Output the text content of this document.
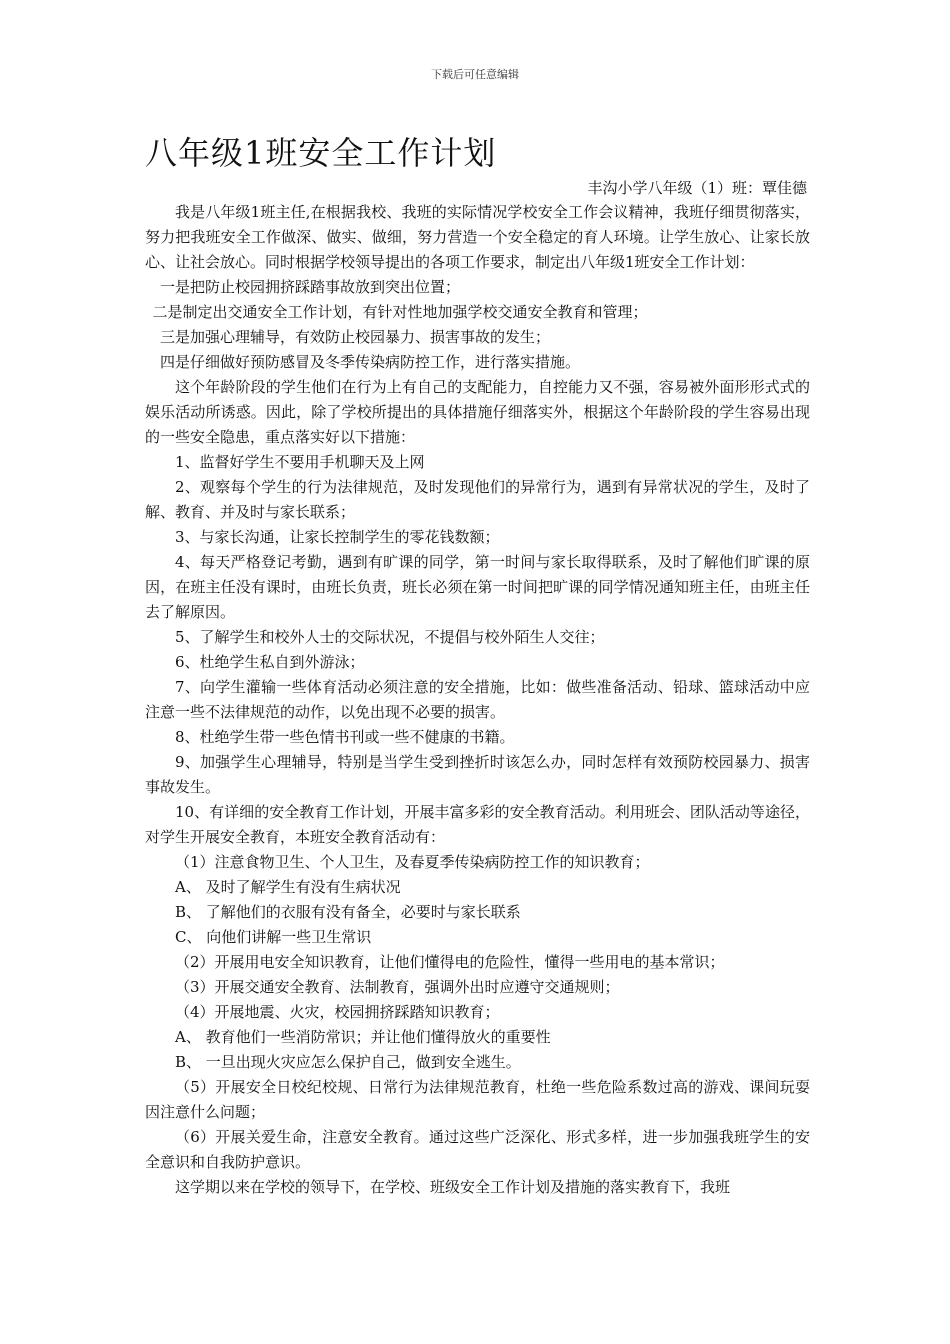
下载后可任意编辑
八年级1班安全工作计划
丰沟小学八年级（1）班：覃佳德

我是八年级1班主任,在根据我校、我班的实际情况学校安全工作会议精神，我班仔细贯彻落实，努力把我班安全工作做深、做实、做细，努力营造一个安全稳定的育人环境。让学生放心、让家长放心、让社会放心。同时根据学校领导提出的各项工作要求，制定出八年级1班安全工作计划：

一是把防止校园拥挤踩踏事故放到突出位置；

二是制定出交通安全工作计划，有针对性地加强学校交通安全教育和管理；

三是加强心理辅导，有效防止校园暴力、损害事故的发生；

四是仔细做好预防感冒及冬季传染病防控工作，进行落实措施。

这个年龄阶段的学生他们在行为上有自己的支配能力，自控能力又不强，容易被外面形形式式的娱乐活动所诱惑。因此，除了学校所提出的具体措施仔细落实外，根据这个年龄阶段的学生容易出现的一些安全隐患，重点落实好以下措施：

1、监督好学生不要用手机聊天及上网

2、观察每个学生的行为法律规范，及时发现他们的异常行为，遇到有异常状况的学生，及时了解、教育、并及时与家长联系；

3、与家长沟通，让家长控制学生的零花钱数额；

4、每天严格登记考勤，遇到有旷课的同学，第一时间与家长取得联系，及时了解他们旷课的原因，在班主任没有课时，由班长负责，班长必须在第一时间把旷课的同学情况通知班主任，由班主任去了解原因。

5、了解学生和校外人士的交际状况，不提倡与校外陌生人交往；

6、杜绝学生私自到外游泳；

7、向学生灌输一些体育活动必须注意的安全措施，比如：做些准备活动、铅球、篮球活动中应注意一些不法律规范的动作，以免出现不必要的损害。

8、杜绝学生带一些色情书刊或一些不健康的书籍。

9、加强学生心理辅导，特别是当学生受到挫折时该怎么办，同时怎样有效预防校园暴力、损害事故发生。

10、有详细的安全教育工作计划，开展丰富多彩的安全教育活动。利用班会、团队活动等途径，对学生开展安全教育，本班安全教育活动有：

（1）注意食物卫生、个人卫生，及春夏季传染病防控工作的知识教育；

A、 及时了解学生有没有生病状况

B、 了解他们的衣服有没有备全，必要时与家长联系

C、 向他们讲解一些卫生常识

（2）开展用电安全知识教育，让他们懂得电的危险性，懂得一些用电的基本常识；

（3）开展交通安全教育、法制教育，强调外出时应遵守交通规则；

（4）开展地震、火灾，校园拥挤踩踏知识教育；

A、 教育他们一些消防常识；并让他们懂得放火的重要性

B、 一旦出现火灾应怎么保护自己，做到安全逃生。

（5）开展安全日校纪校规、日常行为法律规范教育，杜绝一些危险系数过高的游戏、课间玩耍因注意什么问题；

（6）开展关爱生命，注意安全教育。通过这些广泛深化、形式多样，进一步加强我班学生的安全意识和自我防护意识。

这学期以来在学校的领导下，在学校、班级安全工作计划及措施的落实教育下，我班
